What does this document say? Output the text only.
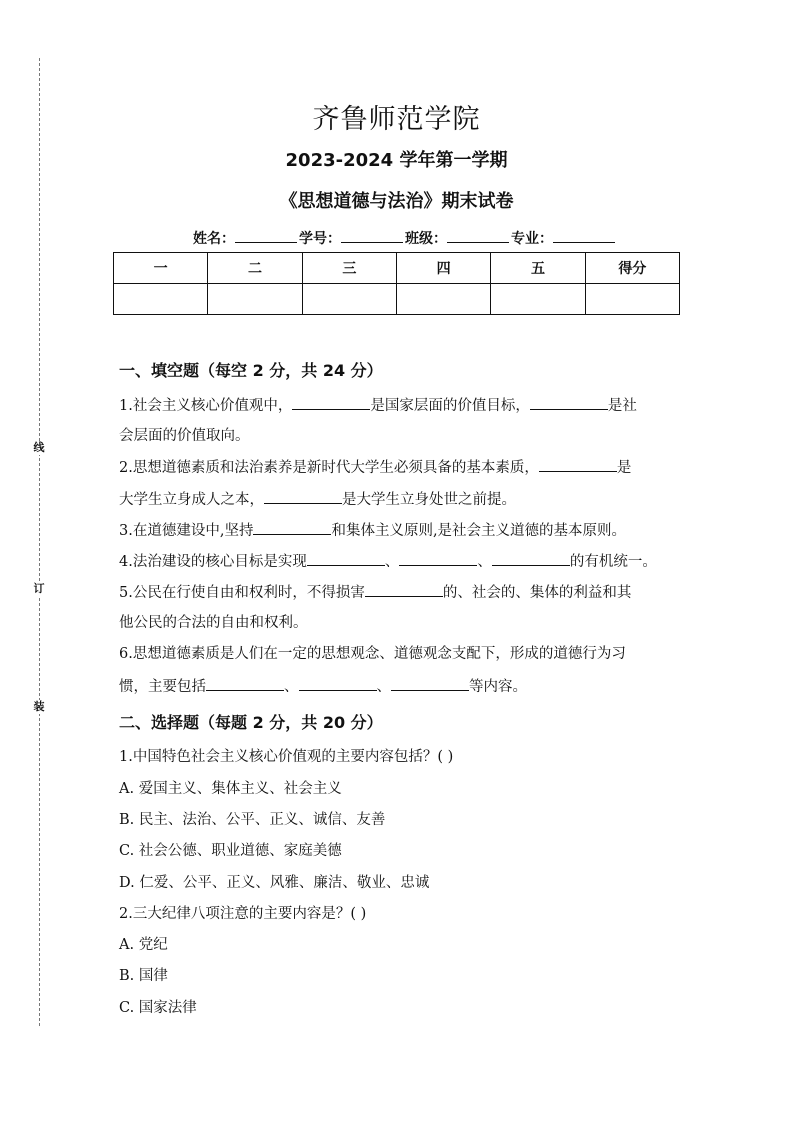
线
订
装
齐鲁师范学院
2023-2024 学年第一学期
《思想道德与法治》期末试卷
姓名：	学号：	班级：	专业：
一	二	三	四	五	得分

一、填空题（每空 2 分，共 24 分）
1.社会主义核心价值观中，	是国家层面的价值目标，	是社
会层面的价值取向。
2.思想道德素质和法治素养是新时代大学生必须具备的基本素质，	是
大学生立身成人之本，	是大学生立身处世之前提。
3.在道德建设中,坚持	和集体主义原则,是社会主义道德的基本原则。
4.法治建设的核心目标是实现	、	、	的有机统一。
5.公民在行使自由和权利时，不得损害	的、社会的、集体的利益和其
他公民的合法的自由和权利。
6.思想道德素质是人们在一定的思想观念、道德观念支配下，形成的道德行为习
惯，主要包括	、	、	等内容。
二、选择题（每题 2 分，共 20 分）
1.中国特色社会主义核心价值观的主要内容包括？( )
A. 爱国主义、集体主义、社会主义
B. 民主、法治、公平、正义、诚信、友善
C. 社会公德、职业道德、家庭美德
D. 仁爱、公平、正义、风雅、廉洁、敬业、忠诚
2.三大纪律八项注意的主要内容是？( )
A. 党纪
B. 国律
C. 国家法律
